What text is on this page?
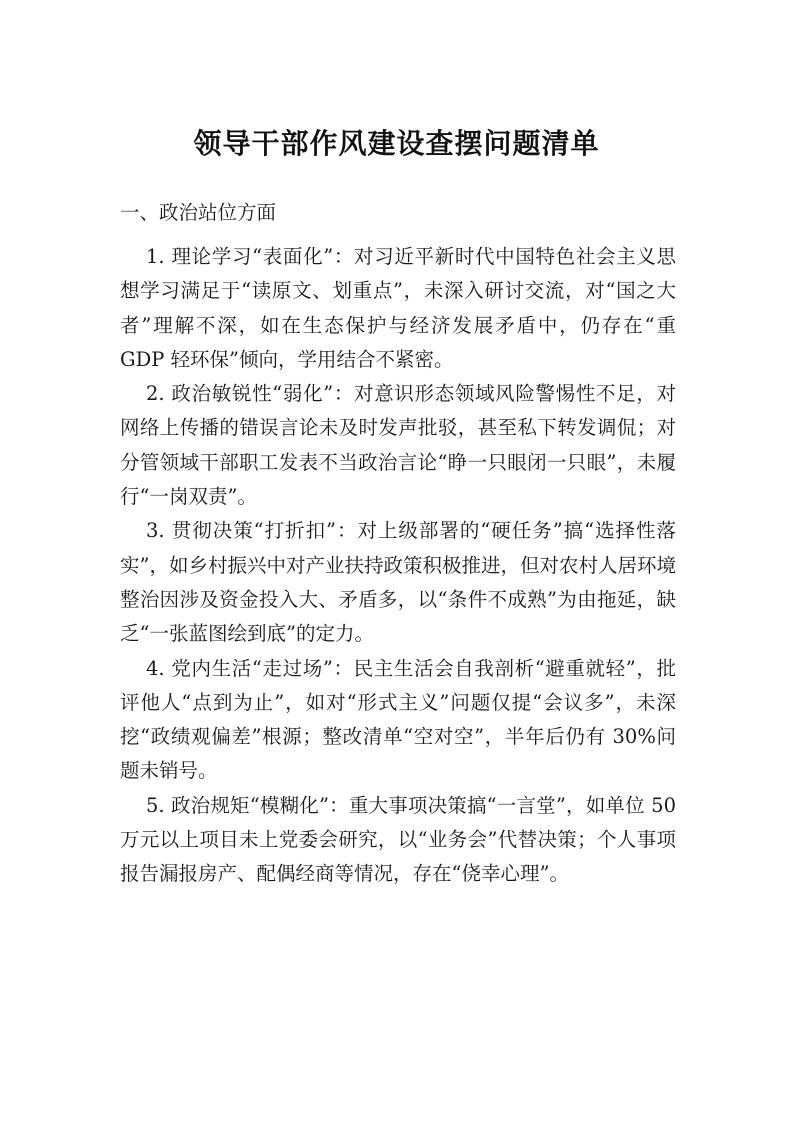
领导干部作风建设查摆问题清单
一、政治站位方面

1. 理论学习“表面化”：对习近平新时代中国特色社会主义思想学习满足于“读原文、划重点”，未深入研讨交流，对“国之大者”理解不深，如在生态保护与经济发展矛盾中，仍存在“重 GDP 轻环保”倾向，学用结合不紧密。

2. 政治敏锐性“弱化”：对意识形态领域风险警惕性不足，对网络上传播的错误言论未及时发声批驳，甚至私下转发调侃；对分管领域干部职工发表不当政治言论“睁一只眼闭一只眼”，未履行“一岗双责”。

3. 贯彻决策“打折扣”：对上级部署的“硬任务”搞“选择性落实”，如乡村振兴中对产业扶持政策积极推进，但对农村人居环境整治因涉及资金投入大、矛盾多，以“条件不成熟”为由拖延，缺乏“一张蓝图绘到底”的定力。

4. 党内生活“走过场”：民主生活会自我剖析“避重就轻”，批评他人“点到为止”，如对“形式主义”问题仅提“会议多”，未深挖“政绩观偏差”根源；整改清单“空对空”，半年后仍有 30%问题未销号。

5. 政治规矩“模糊化”：重大事项决策搞“一言堂”，如单位 50 万元以上项目未上党委会研究，以“业务会”代替决策；个人事项报告漏报房产、配偶经商等情况，存在“侥幸心理”。
